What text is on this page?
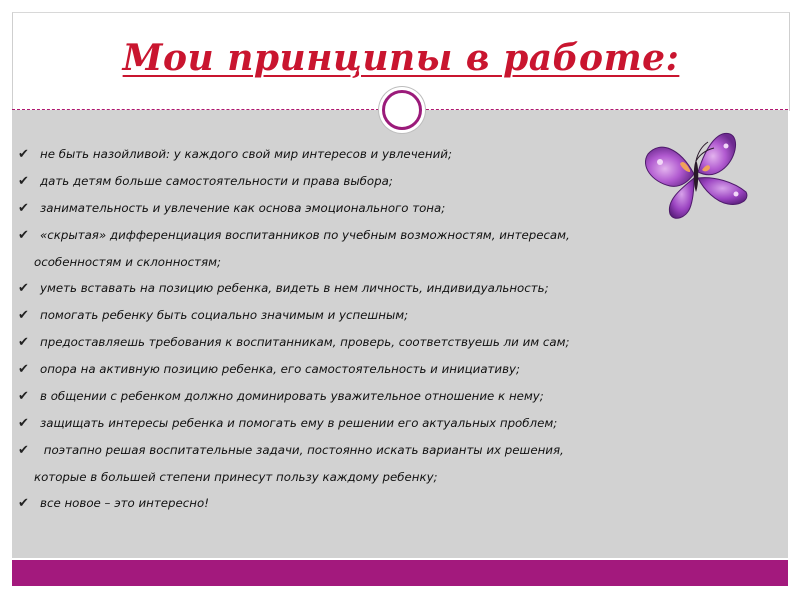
Мои принципы в работе:
✔ не быть назойливой: у каждого свой мир интересов и увлечений;
✔ дать детям больше самостоятельности и права выбора;
✔ занимательность и увлечение как основа эмоционального тона;
✔ «скрытая» дифференциация воспитанников по учебным возможностям, интересам,
особенностям и склонностям;
✔ уметь вставать на позицию ребенка, видеть в нем личность, индивидуальность;
✔ помогать ребенку быть социально значимым и успешным;
✔ предоставляешь требования к воспитанникам, проверь, соответствуешь ли им сам;
✔ опора на активную позицию ребенка, его самостоятельность и инициативу;
✔ в общении с ребенком должно доминировать уважительное отношение к нему;
✔ защищать интересы ребенка и помогать ему в решении его актуальных проблем;
✔ поэтапно решая воспитательные задачи, постоянно искать варианты их решения,
которые в большей степени принесут пользу каждому ребенку;
✔ все новое – это интересно!
